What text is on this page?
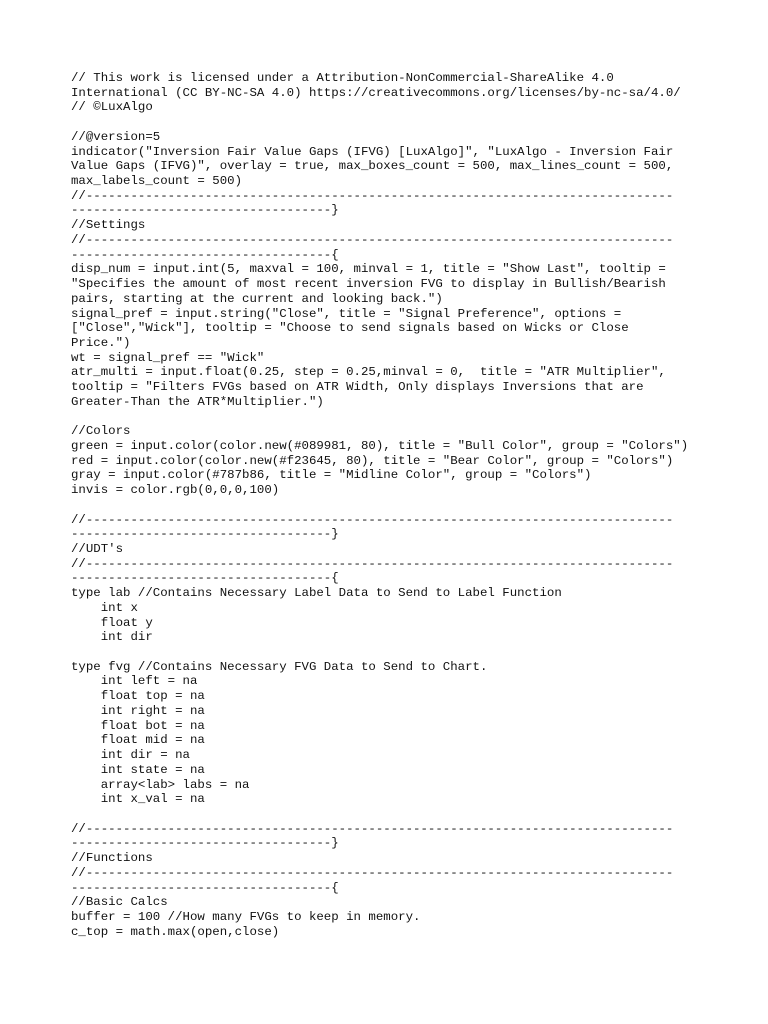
// This work is licensed under a Attribution-NonCommercial-ShareAlike 4.0
International (CC BY-NC-SA 4.0) https://creativecommons.org/licenses/by-nc-sa/4.0/
// ©LuxAlgo
//@version=5
indicator("Inversion Fair Value Gaps (IFVG) [LuxAlgo]", "LuxAlgo - Inversion Fair
Value Gaps (IFVG)", overlay = true, max_boxes_count = 500, max_lines_count = 500,
max_labels_count = 500)
//-------------------------------------------------------------------------------
-----------------------------------}
//Settings
//-------------------------------------------------------------------------------
-----------------------------------{
disp_num = input.int(5, maxval = 100, minval = 1, title = "Show Last", tooltip =
"Specifies the amount of most recent inversion FVG to display in Bullish/Bearish
pairs, starting at the current and looking back.")
signal_pref = input.string("Close", title = "Signal Preference", options =
["Close","Wick"], tooltip = "Choose to send signals based on Wicks or Close
Price.")
wt = signal_pref == "Wick"
atr_multi = input.float(0.25, step = 0.25,minval = 0,  title = "ATR Multiplier",
tooltip = "Filters FVGs based on ATR Width, Only displays Inversions that are
Greater-Than the ATR*Multiplier.")
//Colors
green = input.color(color.new(#089981, 80), title = "Bull Color", group = "Colors")
red = input.color(color.new(#f23645, 80), title = "Bear Color", group = "Colors")
gray = input.color(#787b86, title = "Midline Color", group = "Colors")
invis = color.rgb(0,0,0,100)
//-------------------------------------------------------------------------------
-----------------------------------}
//UDT's
//-------------------------------------------------------------------------------
-----------------------------------{
type lab //Contains Necessary Label Data to Send to Label Function
int x
float y
int dir
type fvg //Contains Necessary FVG Data to Send to Chart.
int left = na
float top = na
int right = na
float bot = na
float mid = na
int dir = na
int state = na
array<lab> labs = na
int x_val = na
//-------------------------------------------------------------------------------
-----------------------------------}
//Functions
//-------------------------------------------------------------------------------
-----------------------------------{
//Basic Calcs
buffer = 100 //How many FVGs to keep in memory.
c_top = math.max(open,close)
